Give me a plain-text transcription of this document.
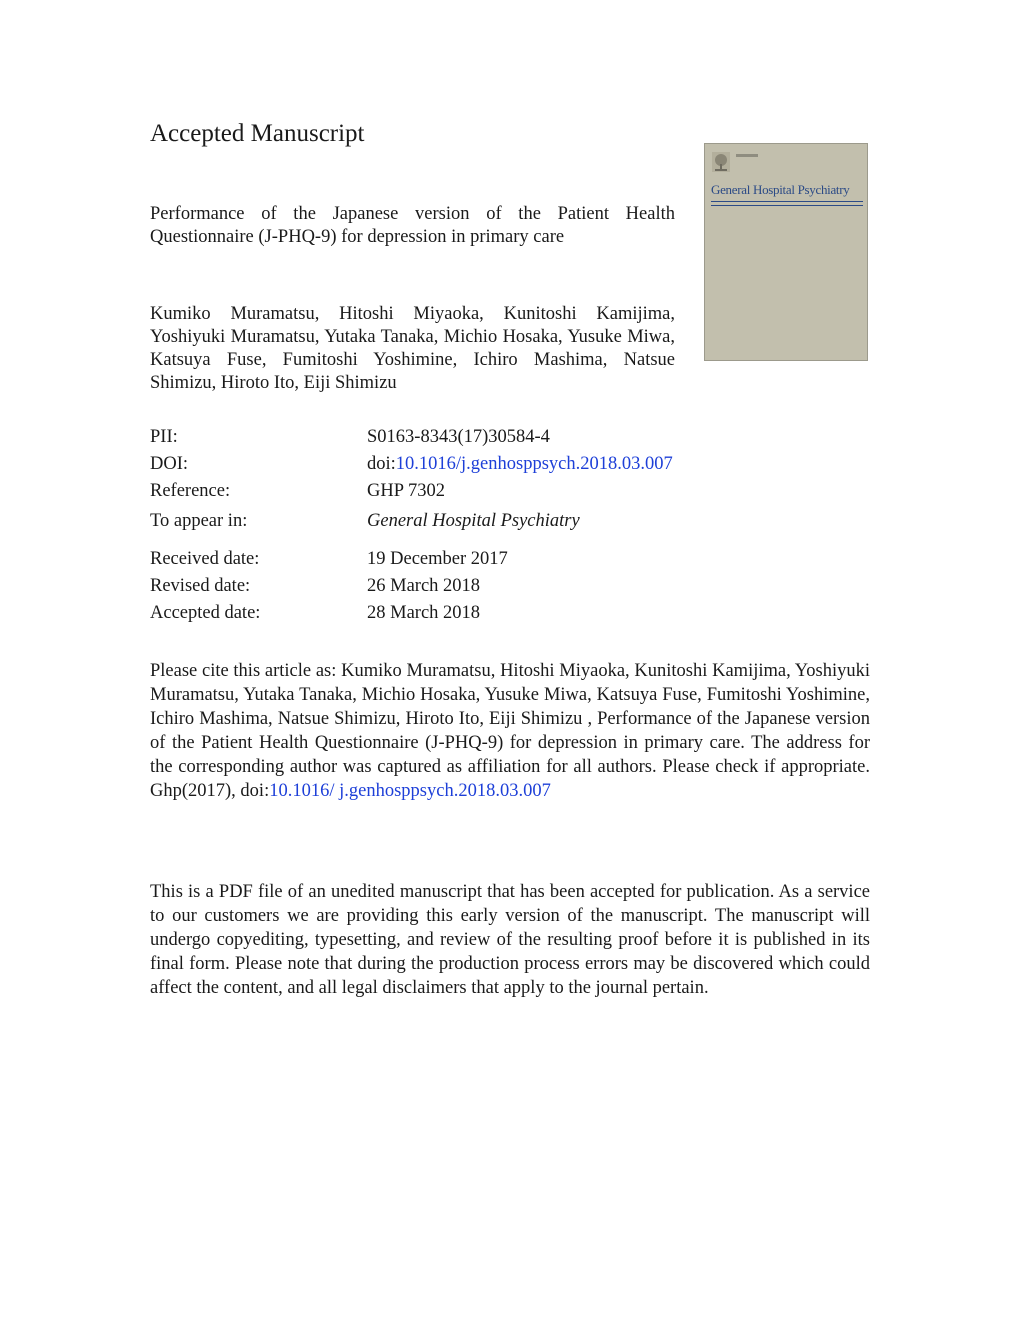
Accepted Manuscript

Performance of the Japanese version of the Patient Health Questionnaire (J-PHQ-9) for depression in primary care

Kumiko Muramatsu, Hitoshi Miyaoka, Kunitoshi Kamijima, Yoshiyuki Muramatsu, Yutaka Tanaka, Michio Hosaka, Yusuke Miwa, Katsuya Fuse, Fumitoshi Yoshimine, Ichiro Mashima, Natsue Shimizu, Hiroto Ito, Eiji Shimizu

General Hospital Psychiatry
PII:	S0163-8343(17)30584-4
DOI:	doi:10.1016/j.genhosppsych.2018.03.007
Reference:	GHP 7302
To appear in:	General Hospital Psychiatry
Received date:	19 December 2017
Revised date:	26 March 2018
Accepted date:	28 March 2018

Please cite this article as: Kumiko Muramatsu, Hitoshi Miyaoka, Kunitoshi Kamijima, Yoshiyuki Muramatsu, Yutaka Tanaka, Michio Hosaka, Yusuke Miwa, Katsuya Fuse, Fumitoshi Yoshimine, Ichiro Mashima, Natsue Shimizu, Hiroto Ito, Eiji Shimizu , Performance of the Japanese version of the Patient Health Questionnaire (J-PHQ-9) for depression in primary care. The address for the corresponding author was captured as affiliation for all authors. Please check if appropriate. Ghp(2017), doi:10.1016/ j.genhosppsych.2018.03.007

This is a PDF file of an unedited manuscript that has been accepted for publication. As a service to our customers we are providing this early version of the manuscript. The manuscript will undergo copyediting, typesetting, and review of the resulting proof before it is published in its final form. Please note that during the production process errors may be discovered which could affect the content, and all legal disclaimers that apply to the journal pertain.
